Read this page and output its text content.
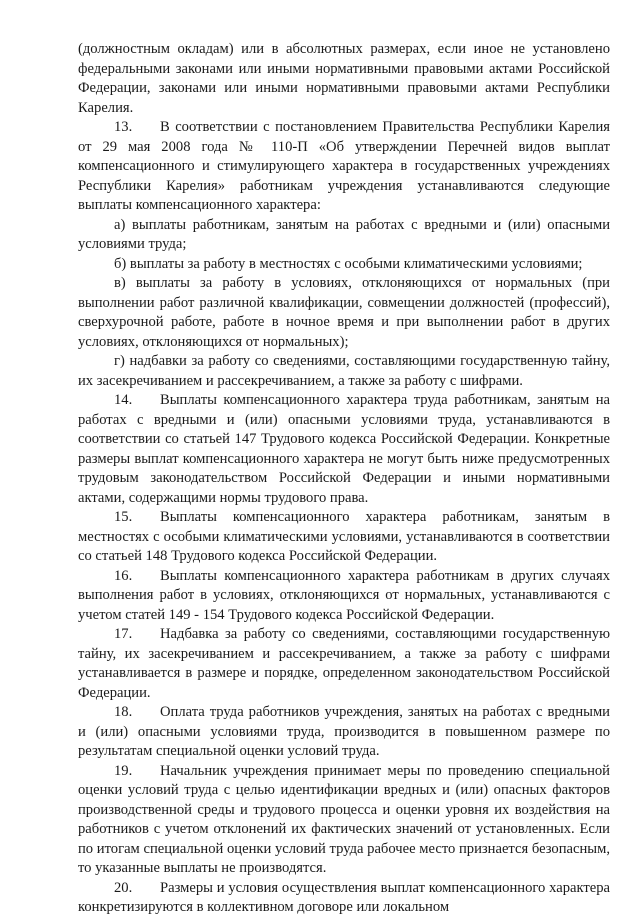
(должностным окладам) или в абсолютных размерах, если иное не установлено федеральными законами или иными нормативными правовыми актами Российской Федерации, законами или иными нормативными правовыми актами Республики Карелия.

13. В соответствии с постановлением Правительства Республики Карелия от 29 мая 2008 года № 110-П «Об утверждении Перечней видов выплат компенсационного и стимулирующего характера в государственных учреждениях Республики Карелия» работникам учреждения устанавливаются следующие выплаты компенсационного характера:

а) выплаты работникам, занятым на работах с вредными и (или) опасными условиями труда;

б) выплаты за работу в местностях с особыми климатическими условиями;

в) выплаты за работу в условиях, отклоняющихся от нормальных (при выполнении работ различной квалификации, совмещении должностей (профессий), сверхурочной работе, работе в ночное время и при выполнении работ в других условиях, отклоняющихся от нормальных);

г) надбавки за работу со сведениями, составляющими государственную тайну, их засекречиванием и рассекречиванием, а также за работу с шифрами.

14. Выплаты компенсационного характера труда работникам, занятым на работах с вредными и (или) опасными условиями труда, устанавливаются в соответствии со статьей 147 Трудового кодекса Российской Федерации. Конкретные размеры выплат компенсационного характера не могут быть ниже предусмотренных трудовым законодательством Российской Федерации и иными нормативными актами, содержащими нормы трудового права.

15. Выплаты компенсационного характера работникам, занятым в местностях с особыми климатическими условиями, устанавливаются в соответствии со статьей 148 Трудового кодекса Российской Федерации.

16. Выплаты компенсационного характера работникам в других случаях выполнения работ в условиях, отклоняющихся от нормальных, устанавливаются с учетом статей 149 - 154 Трудового кодекса Российской Федерации.

17. Надбавка за работу со сведениями, составляющими государственную тайну, их засекречиванием и рассекречиванием, а также за работу с шифрами устанавливается в размере и порядке, определенном законодательством Российской Федерации.

18. Оплата труда работников учреждения, занятых на работах с вредными и (или) опасными условиями труда, производится в повышенном размере по результатам специальной оценки условий труда.

19. Начальник учреждения принимает меры по проведению специальной оценки условий труда с целью идентификации вредных и (или) опасных факторов производственной среды и трудового процесса и оценки уровня их воздействия на работников с учетом отклонений их фактических значений от установленных. Если по итогам специальной оценки условий труда рабочее место признается безопасным, то указанные выплаты не производятся.

20. Размеры и условия осуществления выплат компенсационного характера конкретизируются в коллективном договоре или локальном
